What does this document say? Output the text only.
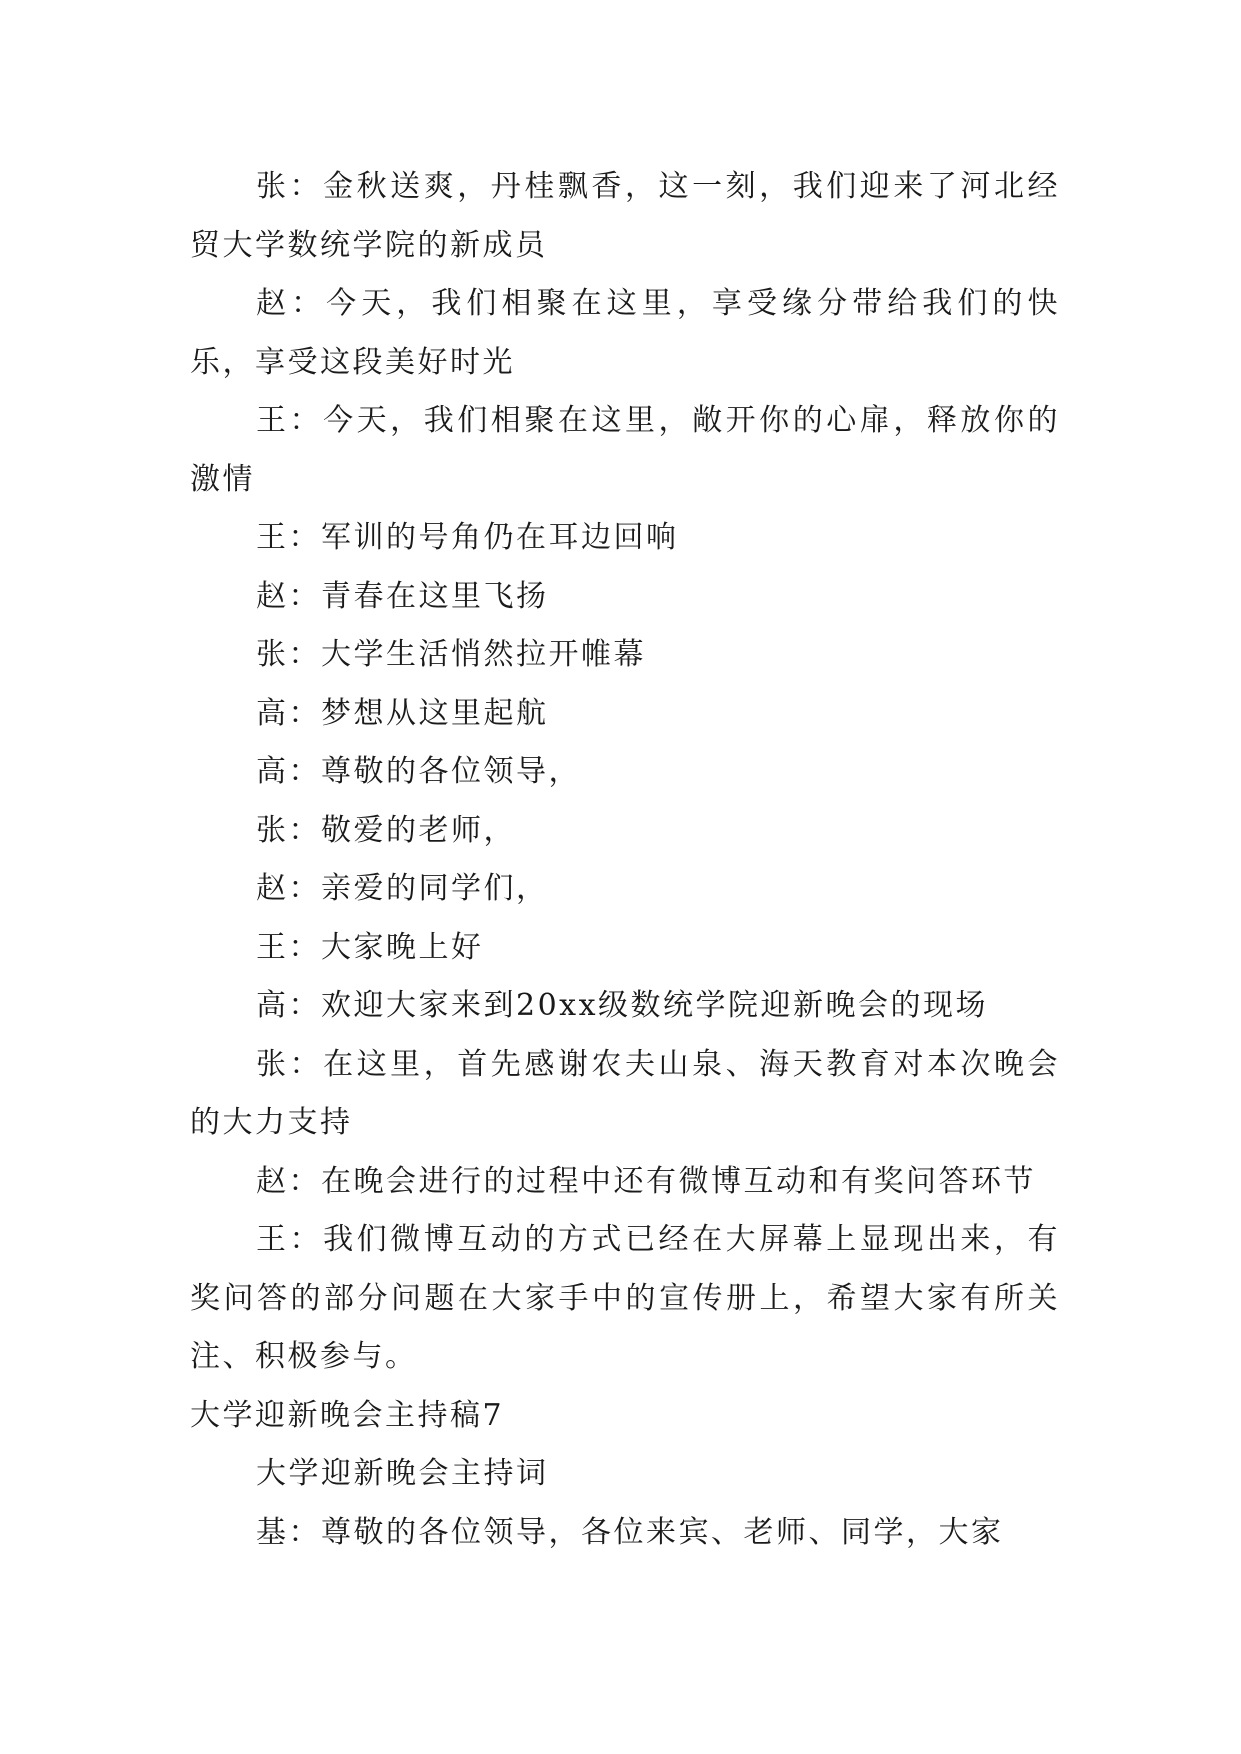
张：金秋送爽，丹桂飘香，这一刻，我们迎来了河北经贸大学数统学院的新成员

赵：今天，我们相聚在这里，享受缘分带给我们的快乐，享受这段美好时光

王：今天，我们相聚在这里，敞开你的心扉，释放你的激情

王：军训的号角仍在耳边回响

赵：青春在这里飞扬

张：大学生活悄然拉开帷幕

高：梦想从这里起航

高：尊敬的各位领导，

张：敬爱的老师，

赵：亲爱的同学们，

王：大家晚上好

高：欢迎大家来到20xx级数统学院迎新晚会的现场

张：在这里，首先感谢农夫山泉、海天教育对本次晚会的大力支持

赵：在晚会进行的过程中还有微博互动和有奖问答环节

王：我们微博互动的方式已经在大屏幕上显现出来，有奖问答的部分问题在大家手中的宣传册上，希望大家有所关注、积极参与。

大学迎新晚会主持稿7

大学迎新晚会主持词

基：尊敬的各位领导，各位来宾、老师、同学，大家
